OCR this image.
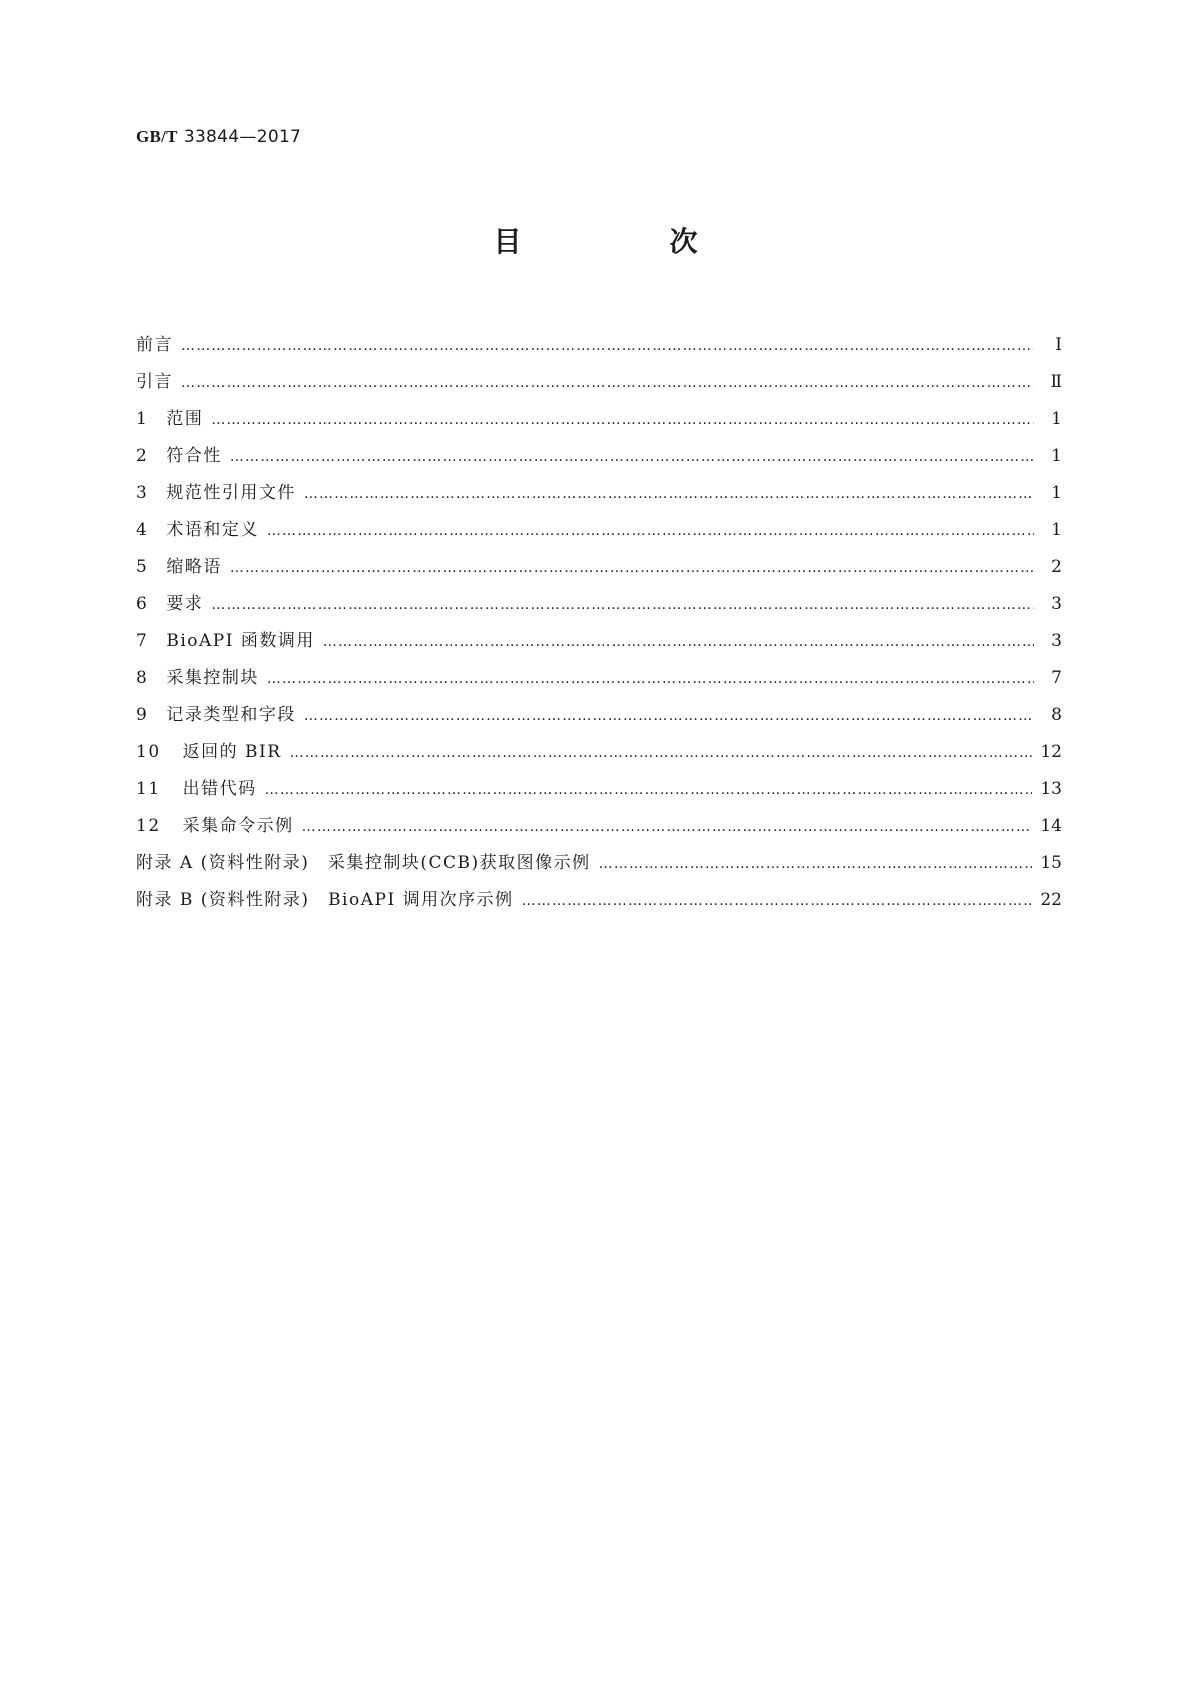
GB/T 33844—2017
目　次
前言 ……………………………………………………………………………………………………………………………………………………………………………………………………………………………………………………	Ⅰ
引言 ……………………………………………………………………………………………………………………………………………………………………………………………………………………………………………………	Ⅱ
1 范围 ……………………………………………………………………………………………………………………………………………………………………………………………………………………………………………………	1
2 符合性 ……………………………………………………………………………………………………………………………………………………………………………………………………………………………………………………	1
3 规范性引用文件 ……………………………………………………………………………………………………………………………………………………………………………………………………………………………………………………	1
4 术语和定义 ……………………………………………………………………………………………………………………………………………………………………………………………………………………………………………………	1
5 缩略语 ……………………………………………………………………………………………………………………………………………………………………………………………………………………………………………………	2
6 要求 ……………………………………………………………………………………………………………………………………………………………………………………………………………………………………………………	3
7 BioAPI 函数调用 ……………………………………………………………………………………………………………………………………………………………………………………………………………………………………………………	3
8 采集控制块 ……………………………………………………………………………………………………………………………………………………………………………………………………………………………………………………	7
9 记录类型和字段 ……………………………………………………………………………………………………………………………………………………………………………………………………………………………………………………	8
10 返回的 BIR ……………………………………………………………………………………………………………………………………………………………………………………………………………………………………………………	12
11 出错代码 ……………………………………………………………………………………………………………………………………………………………………………………………………………………………………………………	13
12 采集命令示例 ……………………………………………………………………………………………………………………………………………………………………………………………………………………………………………………	14
附录 A (资料性附录)　采集控制块(CCB)获取图像示例 ……………………………………………………………………………………………………………………………………………………………………………………………………………………………………………………	15
附录 B (资料性附录)　BioAPI 调用次序示例 ……………………………………………………………………………………………………………………………………………………………………………………………………………………………………………………	22
